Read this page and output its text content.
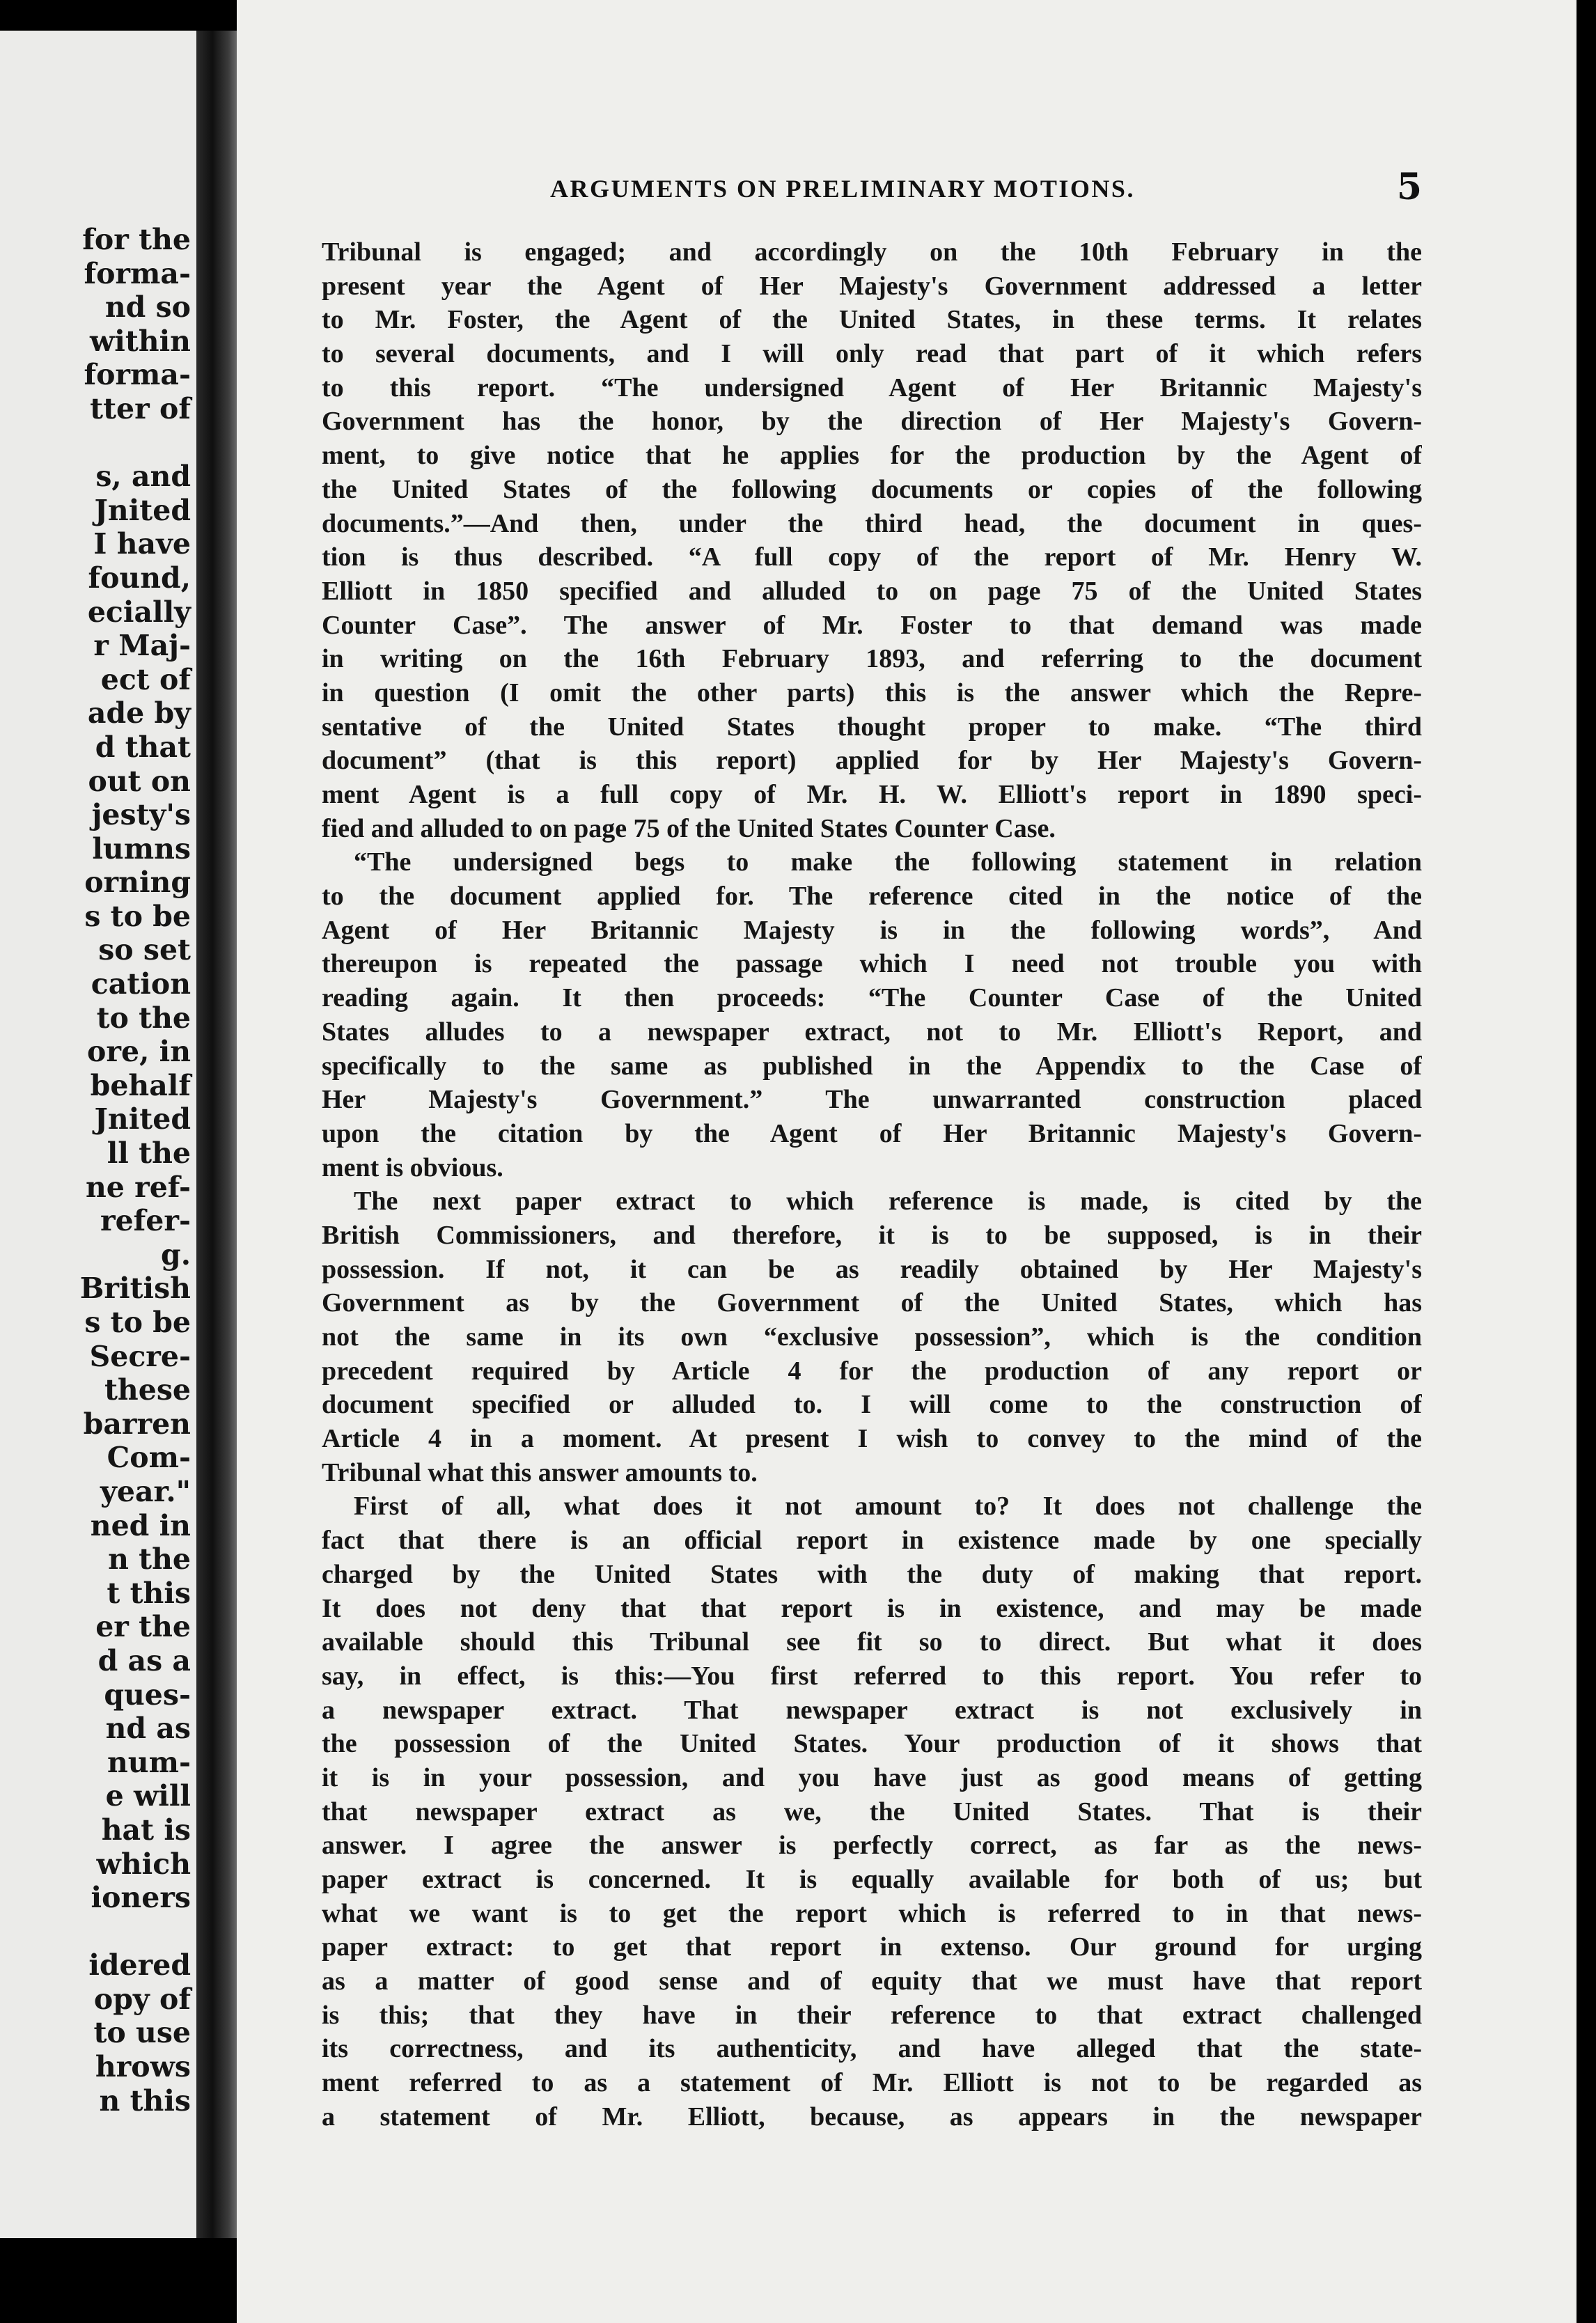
for the
forma-
nd so
within
forma-
tter of
s, and
Jnited
I have
found,
ecially
r Maj-
ect of
ade by
d that
out on
jesty's
lumns
orning
s to be
so set
cation
to the
ore, in
behalf
Jnited
ll the
ne ref-
refer-
g.
British
s to be
Secre-
these
barren
Com-
year."
ned in
n the
t this
er the
d as a
ques-
nd as
num-
e will
hat is
which
ioners
idered
opy of
to use
hrows
n this
ARGUMENTS ON PRELIMINARY MOTIONS.	5
Tribunal is engaged; and accordingly on the 10th February in the
present year the Agent of Her Majesty's Government addressed a letter
to Mr. Foster, the Agent of the United States, in these terms. It relates
to several documents, and I will only read that part of it which refers
to this report. “The undersigned Agent of Her Britannic Majesty's
Government has the honor, by the direction of Her Majesty's Govern-
ment, to give notice that he applies for the production by the Agent of
the United States of the following documents or copies of the following
documents.”—And then, under the third head, the document in ques-
tion is thus described. “A full copy of the report of Mr. Henry W.
Elliott in 1850 specified and alluded to on page 75 of the United States
Counter Case”. The answer of Mr. Foster to that demand was made
in writing on the 16th February 1893, and referring to the document
in question (I omit the other parts) this is the answer which the Repre-
sentative of the United States thought proper to make. “The third
document” (that is this report) applied for by Her Majesty's Govern-
ment Agent is a full copy of Mr. H. W. Elliott's report in 1890 speci-
fied and alluded to on page 75 of the United States Counter Case.
“The undersigned begs to make the following statement in relation
to the document applied for. The reference cited in the notice of the
Agent of Her Britannic Majesty is in the following words”, And
thereupon is repeated the passage which I need not trouble you with
reading again. It then proceeds: “The Counter Case of the United
States alludes to a newspaper extract, not to Mr. Elliott's Report, and
specifically to the same as published in the Appendix to the Case of
Her Majesty's Government.” The unwarranted construction placed
upon the citation by the Agent of Her Britannic Majesty's Govern-
ment is obvious.
The next paper extract to which reference is made, is cited by the
British Commissioners, and therefore, it is to be supposed, is in their
possession. If not, it can be as readily obtained by Her Majesty's
Government as by the Government of the United States, which has
not the same in its own “exclusive possession”, which is the condition
precedent required by Article 4 for the production of any report or
document specified or alluded to. I will come to the construction of
Article 4 in a moment. At present I wish to convey to the mind of the
Tribunal what this answer amounts to.
First of all, what does it not amount to? It does not challenge the
fact that there is an official report in existence made by one specially
charged by the United States with the duty of making that report.
It does not deny that that report is in existence, and may be made
available should this Tribunal see fit so to direct. But what it does
say, in effect, is this:—You first referred to this report. You refer to
a newspaper extract. That newspaper extract is not exclusively in
the possession of the United States. Your production of it shows that
it is in your possession, and you have just as good means of getting
that newspaper extract as we, the United States. That is their
answer. I agree the answer is perfectly correct, as far as the news-
paper extract is concerned. It is equally available for both of us; but
what we want is to get the report which is referred to in that news-
paper extract: to get that report in extenso. Our ground for urging
as a matter of good sense and of equity that we must have that report
is this; that they have in their reference to that extract challenged
its correctness, and its authenticity, and have alleged that the state-
ment referred to as a statement of Mr. Elliott is not to be regarded as
a statement of Mr. Elliott, because, as appears in the newspaper
